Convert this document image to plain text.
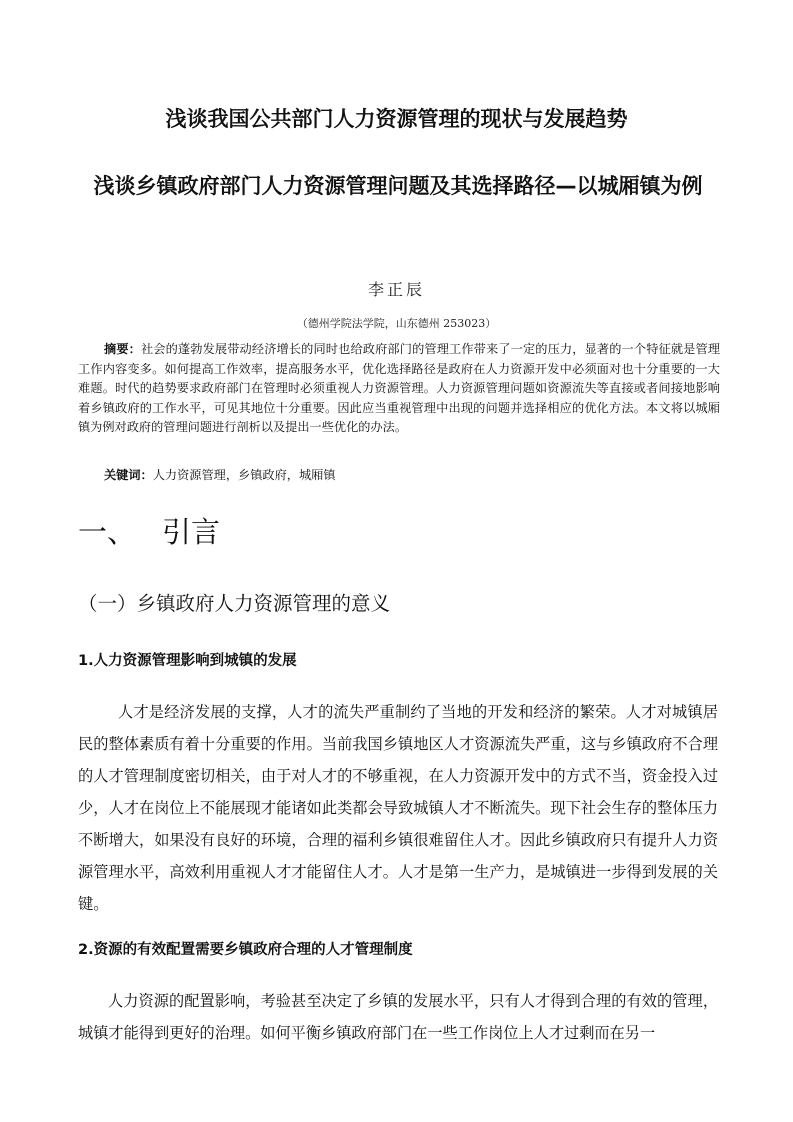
浅谈我国公共部门人力资源管理的现状与发展趋势
浅谈乡镇政府部门人力资源管理问题及其选择路径—以城厢镇为例
李正辰
（德州学院法学院，山东德州 253023）
摘要：社会的蓬勃发展带动经济增长的同时也给政府部门的管理工作带来了一定的压力，显著的一个特征就是管理工作内容变多。如何提高工作效率，提高服务水平，优化选择路径是政府在人力资源开发中必须面对也十分重要的一大难题。时代的趋势要求政府部门在管理时必须重视人力资源管理。人力资源管理问题如资源流失等直接或者间接地影响着乡镇政府的工作水平，可见其地位十分重要。因此应当重视管理中出现的问题并选择相应的优化方法。本文将以城厢镇为例对政府的管理问题进行剖析以及提出一些优化的办法。
关键词：人力资源管理，乡镇政府，城厢镇
一、 引言
（一）乡镇政府人力资源管理的意义
1.人力资源管理影响到城镇的发展
人才是经济发展的支撑，人才的流失严重制约了当地的开发和经济的繁荣。人才对城镇居民的整体素质有着十分重要的作用。当前我国乡镇地区人才资源流失严重，这与乡镇政府不合理的人才管理制度密切相关，由于对人才的不够重视，在人力资源开发中的方式不当，资金投入过少，人才在岗位上不能展现才能诸如此类都会导致城镇人才不断流失。现下社会生存的整体压力不断增大，如果没有良好的环境，合理的福利乡镇很难留住人才。因此乡镇政府只有提升人力资源管理水平，高效利用重视人才才能留住人才。人才是第一生产力，是城镇进一步得到发展的关键。
2.资源的有效配置需要乡镇政府合理的人才管理制度
人力资源的配置影响，考验甚至决定了乡镇的发展水平，只有人才得到合理的有效的管理，城镇才能得到更好的治理。如何平衡乡镇政府部门在一些工作岗位上人才过剩而在另一
